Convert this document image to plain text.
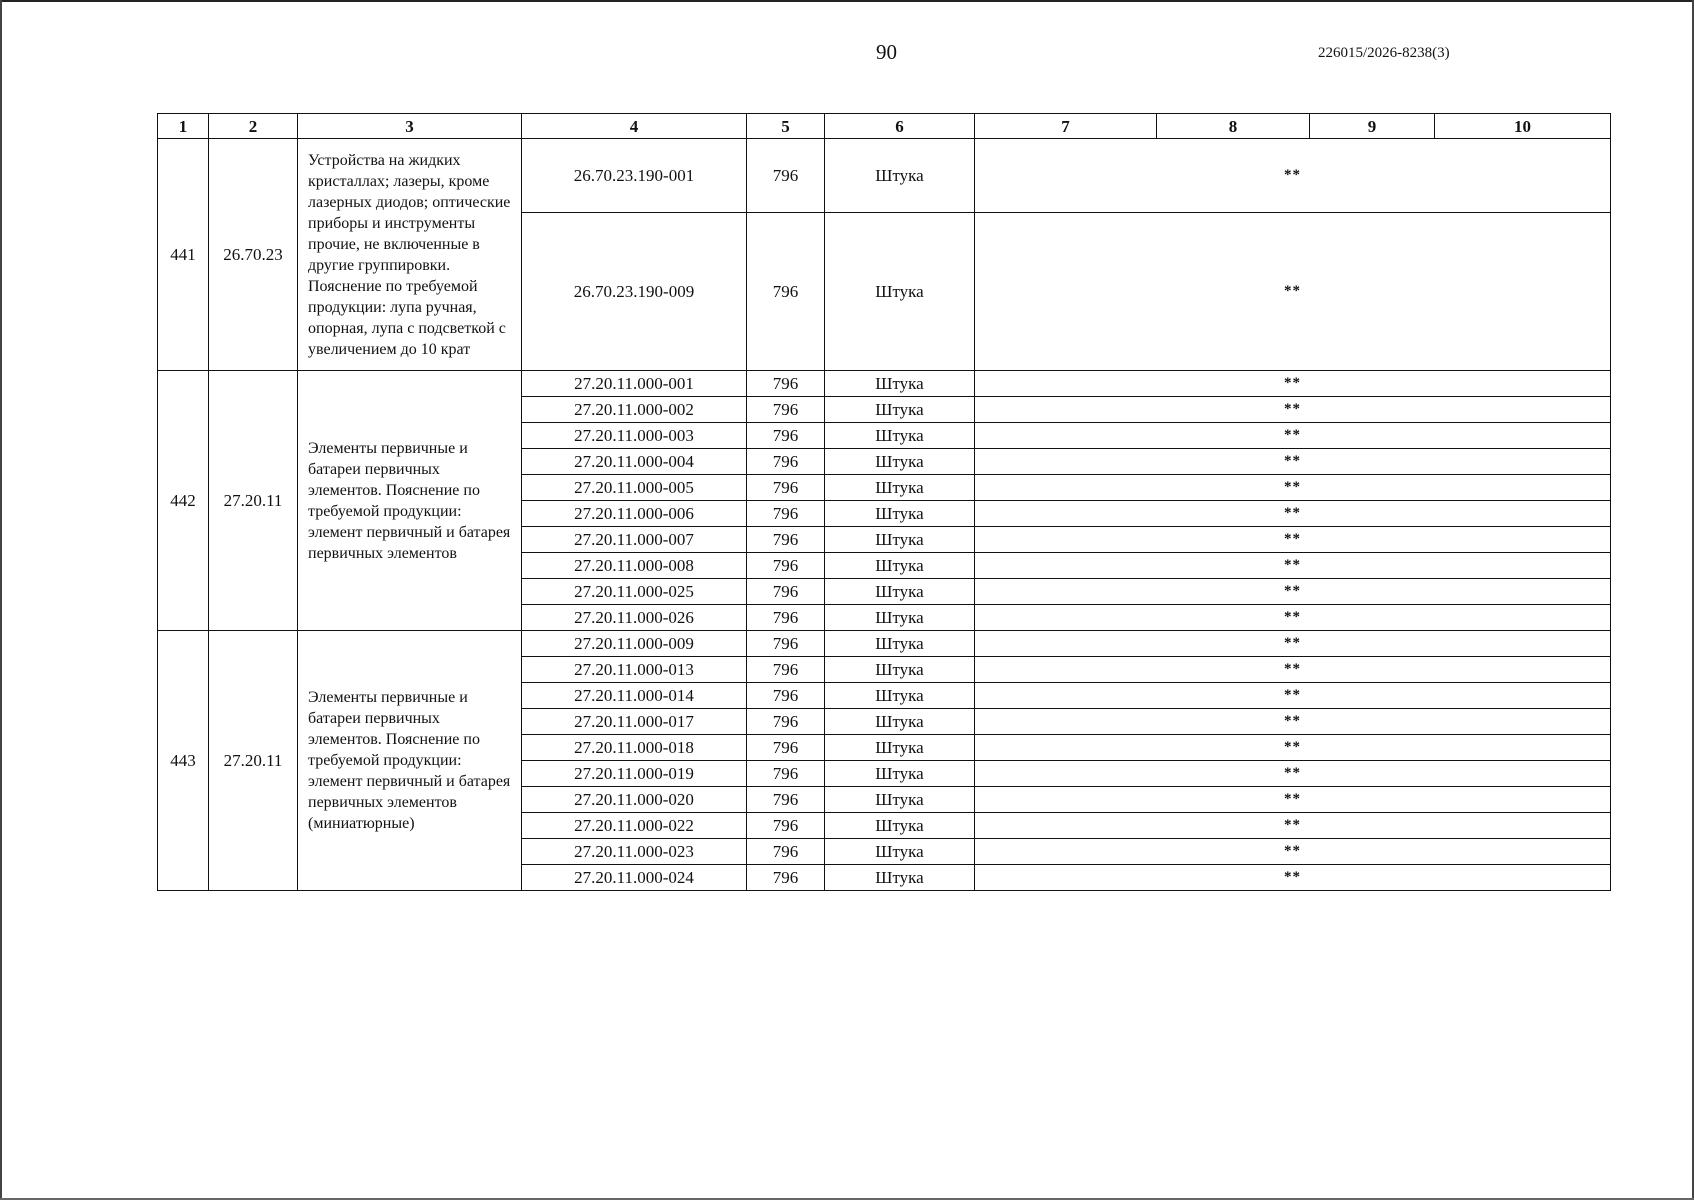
90	226015/2026-8238(3)
1	2	3	4	5	6	7	8	9	10
441	26.70.23	Устройства на жидких кристаллах; лазеры, кроме лазерных диодов; оптические приборы и инструменты прочие, не включенные в другие группировки. Пояснение по требуемой продукции: лупа ручная, опорная, лупа с подсветкой с увеличением до 10 крат	26.70.23.190-001	796	Штука	**			
			26.70.23.190-009	796	Штука	**			
442	27.20.11	Элементы первичные и батареи первичных элементов. Пояснение по требуемой продукции: элемент первичный и батарея первичных элементов	27.20.11.000-001	796	Штука	**			
			27.20.11.000-002	796	Штука	**			
			27.20.11.000-003	796	Штука	**			
			27.20.11.000-004	796	Штука	**			
			27.20.11.000-005	796	Штука	**			
			27.20.11.000-006	796	Штука	**			
			27.20.11.000-007	796	Штука	**			
			27.20.11.000-008	796	Штука	**			
			27.20.11.000-025	796	Штука	**			
			27.20.11.000-026	796	Штука	**			
443	27.20.11	Элементы первичные и батареи первичных элементов. Пояснение по требуемой продукции: элемент первичный и батарея первичных элементов (миниатюрные)	27.20.11.000-009	796	Штука	**			
			27.20.11.000-013	796	Штука	**			
			27.20.11.000-014	796	Штука	**			
			27.20.11.000-017	796	Штука	**			
			27.20.11.000-018	796	Штука	**			
			27.20.11.000-019	796	Штука	**			
			27.20.11.000-020	796	Штука	**			
			27.20.11.000-022	796	Штука	**			
			27.20.11.000-023	796	Штука	**			
			27.20.11.000-024	796	Штука	**			
